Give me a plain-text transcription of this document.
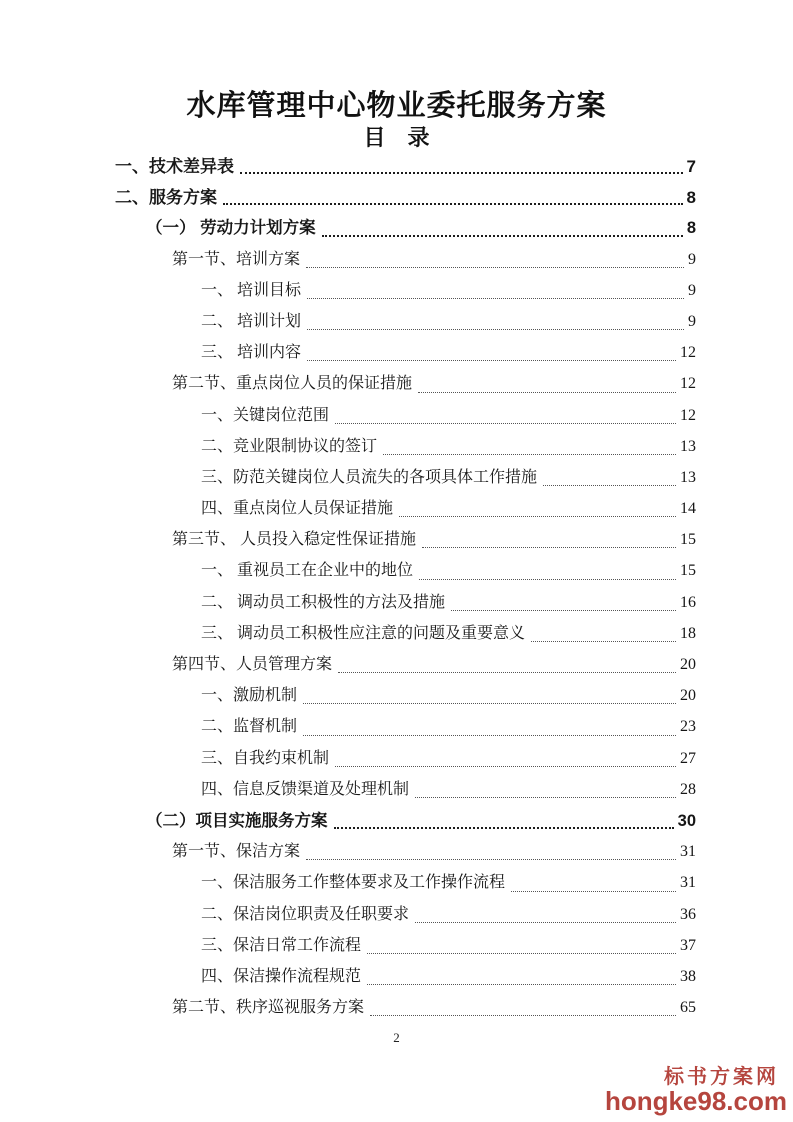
水库管理中心物业委托服务方案
目　录
一、技术差异表	7
二、服务方案	8
（一） 劳动力计划方案	8
第一节、培训方案	9
一、 培训目标	9
二、 培训计划	9
三、 培训内容	12
第二节、重点岗位人员的保证措施	12
一、关键岗位范围	12
二、竞业限制协议的签订	13
三、防范关键岗位人员流失的各项具体工作措施	13
四、重点岗位人员保证措施	14
第三节、 人员投入稳定性保证措施	15
一、 重视员工在企业中的地位	15
二、 调动员工积极性的方法及措施	16
三、 调动员工积极性应注意的问题及重要意义	18
第四节、人员管理方案	20
一、激励机制	20
二、监督机制	23
三、自我约束机制	27
四、信息反馈渠道及处理机制	28
（二）项目实施服务方案	30
第一节、保洁方案	31
一、保洁服务工作整体要求及工作操作流程	31
二、保洁岗位职责及任职要求	36
三、保洁日常工作流程	37
四、保洁操作流程规范	38
第二节、秩序巡视服务方案	65
2
标书方案网
hongke98.com
